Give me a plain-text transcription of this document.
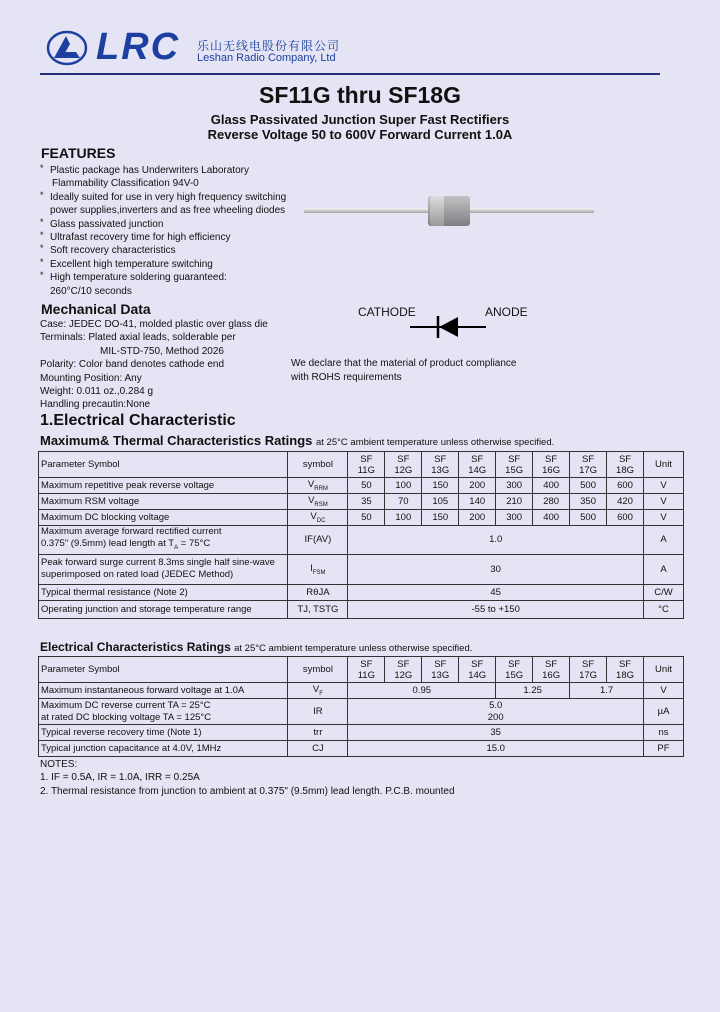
LRC 乐山无线电股份有限公司
Leshan Radio Company, Ltd
SF11G thru SF18G
Glass Passivated Junction Super Fast Rectifiers
Reverse Voltage 50 to 600V Forward Current 1.0A
FEATURES
* Plastic package has Underwriters Laboratory
Flammability Classification 94V-0
* Ideally suited for use in very high frequency switching
power supplies,inverters and as free wheeling diodes
* Glass passivated junction
* Ultrafast recovery time for high efficiency
* Soft recovery characteristics
* Excellent high temperature switching
* High temperature soldering guaranteed:
260°C/10 seconds
Mechanical Data
Case: JEDEC DO-41, molded plastic over glass die
Terminals: Plated axial leads, solderable per
MIL-STD-750, Method 2026
Polarity: Color band denotes cathode end
Mounting Position: Any
Weight: 0.011 oz.,0.284 g
Handling precautin:None
CATHODE	ANODE
We declare that the material of product compliance
with ROHS requirements
1.Electrical Characteristic
Maximum& Thermal Characteristics Ratings at 25°C ambient temperature unless otherwise specified.
Parameter Symbol	symbol	SF
11G	SF
12G	SF
13G	SF
14G	SF
15G	SF
16G	SF
17G	SF
18G	Unit
Maximum repetitive peak reverse voltage	$V_{RRM}$	50	100	150	200	300	400	500	600	V
Maximum RSM voltage	$V_{RSM}$	35	70	105	140	210	280	350	420	V
Maximum DC blocking voltage	$V_{DC}$	50	100	150	200	300	400	500	600	V
Maximum average forward rectified current
0.375" (9.5mm) lead length at $T_A = 75^\circ C$	IF(AV)	1.0								A
Peak forward surge current 8.3ms single half sine-wave
superimposed on rated load (JEDEC Method)	$I_{FSM}$	30								A
Typical thermal resistance (Note 2)	RθJA	45								C/W
Operating junction and storage temperature range	TJ, TSTG	-55 to +150								°C
Electrical Characteristics Ratings at 25°C ambient temperature unless otherwise specified.
Parameter Symbol	symbol	SF
11G	SF
12G	SF
13G	SF
14G	SF
15G	SF
16G	SF
17G	SF
18G	Unit
Maximum instantaneous forward voltage at 1.0A	$V_F$	0.95				1.25		1.7		V
Maximum DC reverse current TA = 25°C
at rated DC blocking voltage TA = 125°C	IR	5.0
200								µA
Typical reverse recovery time (Note 1)	trr	35								ns
Typical junction capacitance at 4.0V, 1MHz	CJ	15.0								PF
NOTES:
1. IF = 0.5A, IR = 1.0A, IRR = 0.25A
2. Thermal resistance from junction to ambient at 0.375" (9.5mm) lead length. P.C.B. mounted
